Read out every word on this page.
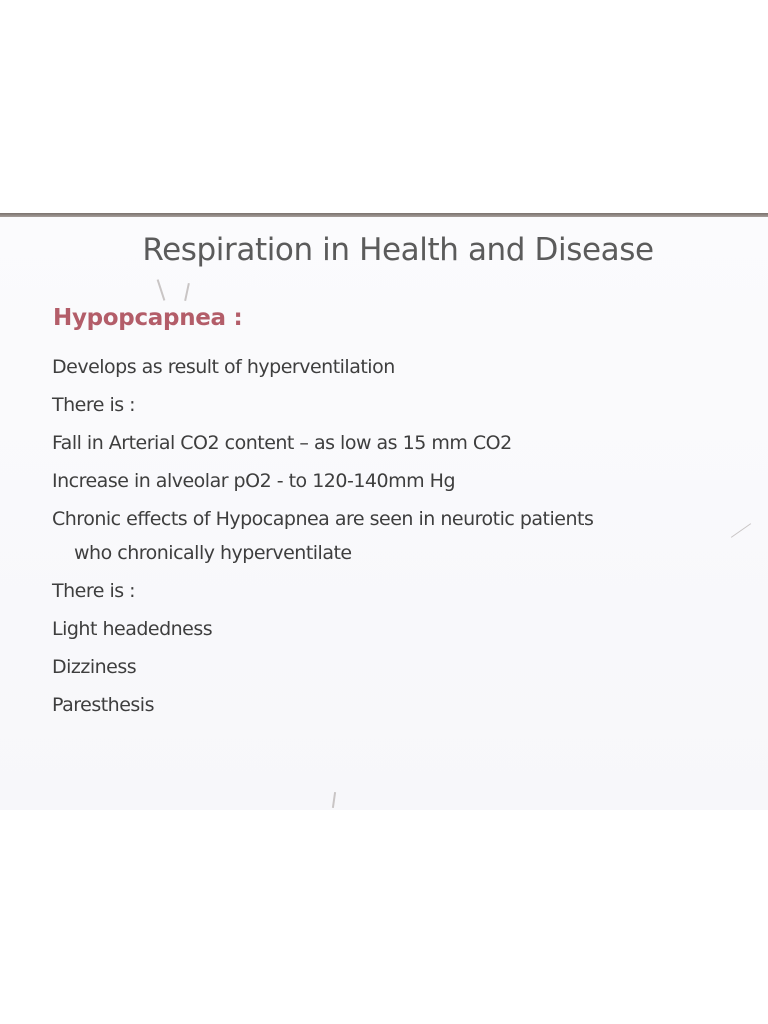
Respiration in Health and Disease
Hypopcapnea :
Develops as result of hyperventilation
There is :
Fall in Arterial CO2 content – as low as 15 mm CO2
Increase in alveolar pO2 - to 120-140mm Hg
Chronic effects of Hypocapnea are seen in neurotic patients
who chronically hyperventilate
There is :
Light headedness
Dizziness
Paresthesis
